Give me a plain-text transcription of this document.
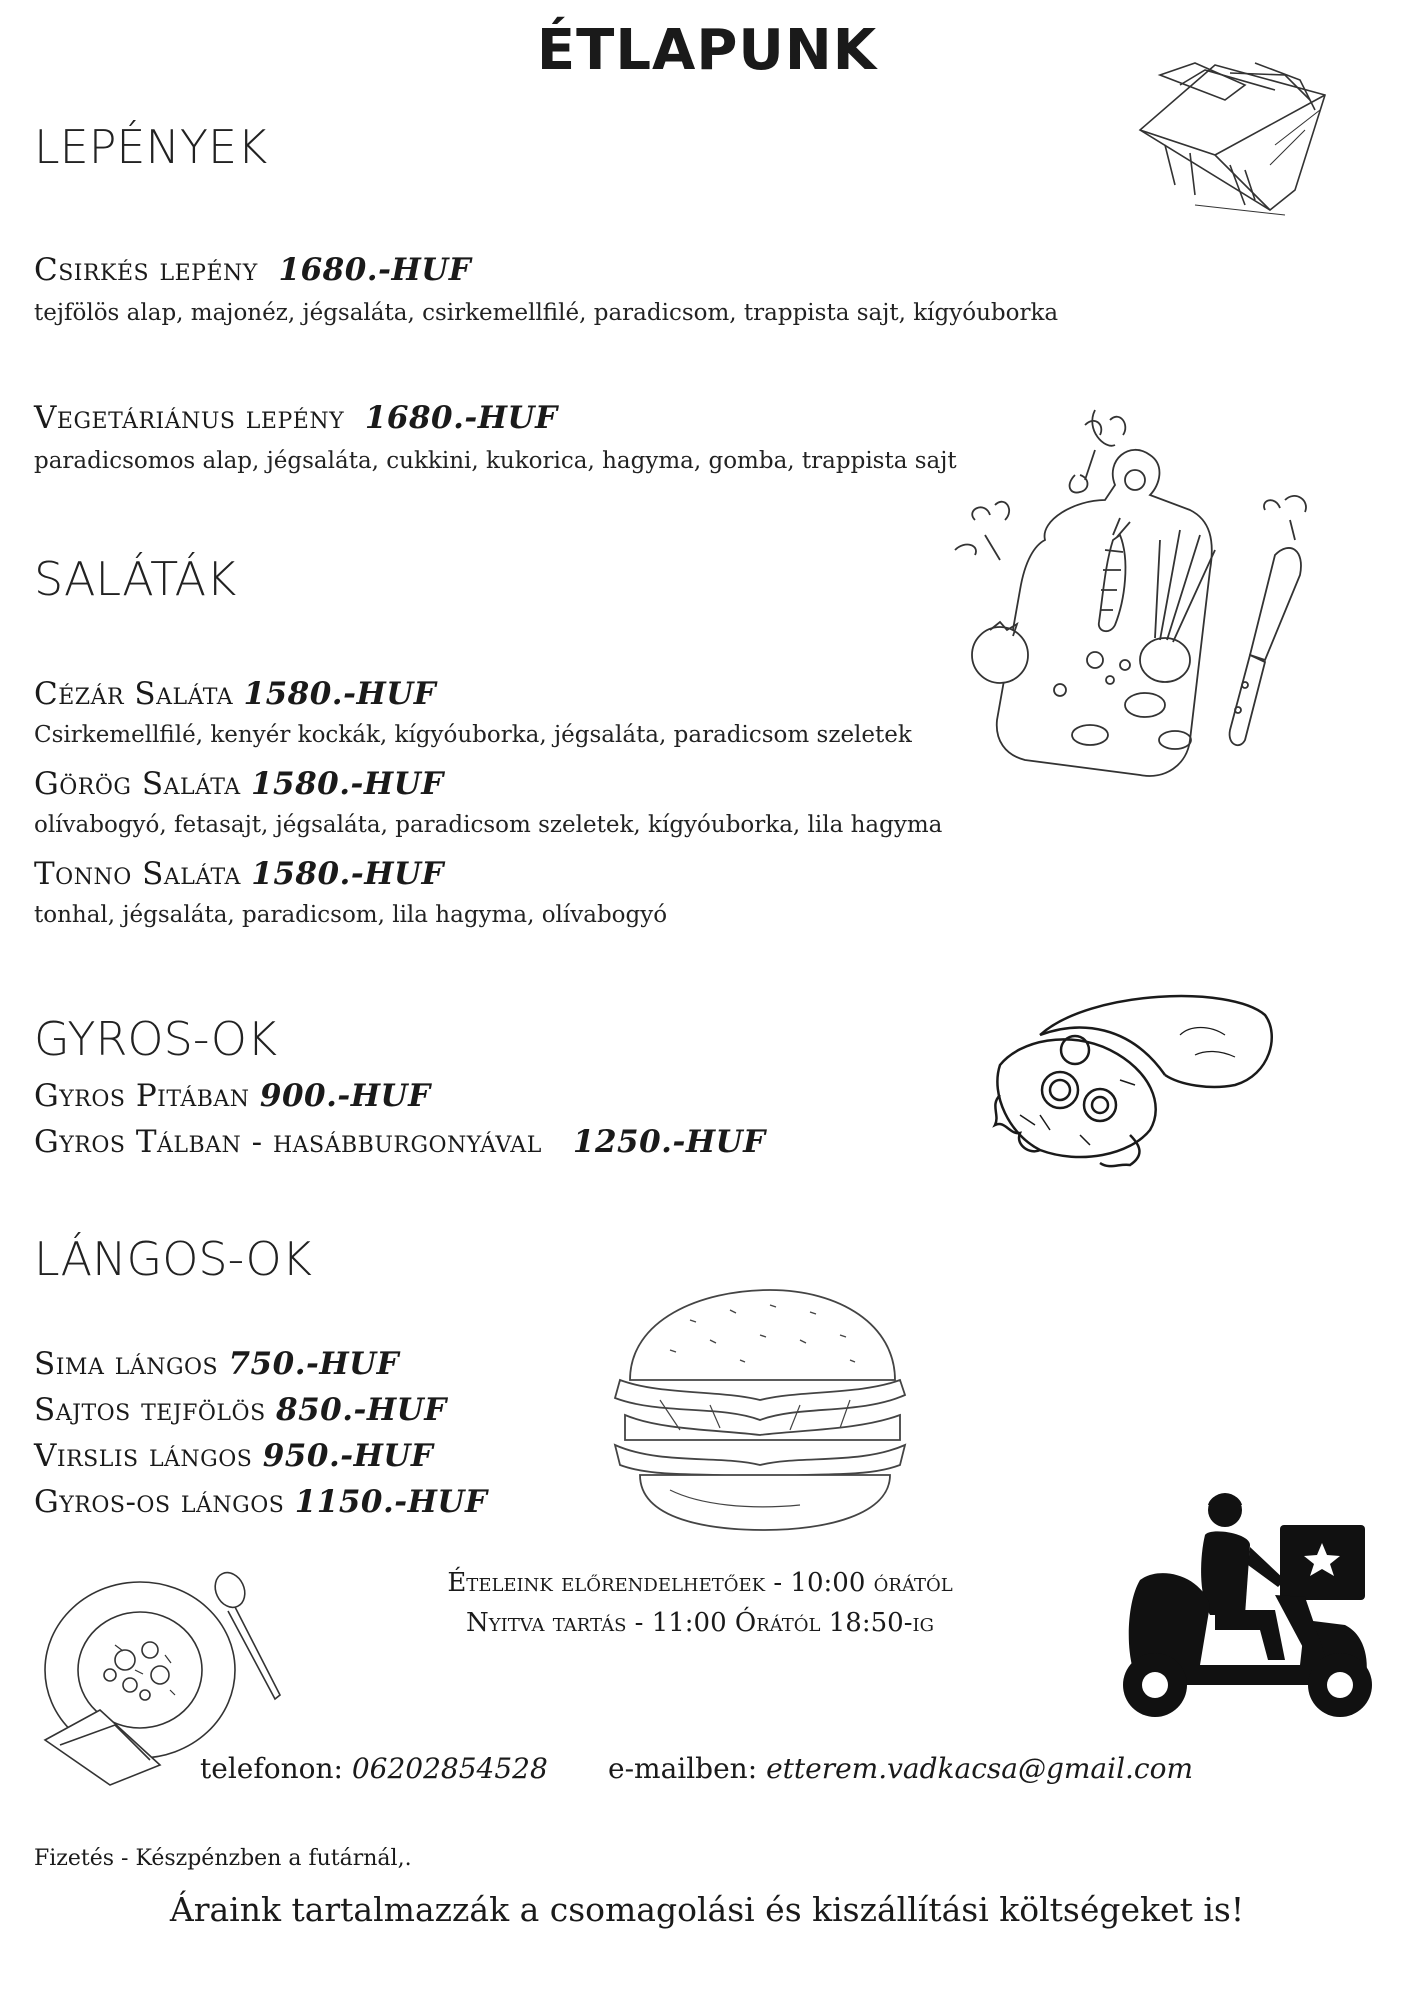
ÉTLAPUNK
LEPÉNYEK
Csirkés lepény 1680.-HUF
tejfölös alap, majonéz, jégsaláta, csirkemellfilé, paradicsom, trappista sajt, kígyóuborka
Vegetáriánus lepény 1680.-HUF
paradicsomos alap, jégsaláta, cukkini, kukorica, hagyma, gomba, trappista sajt
SALÁTÁK
Cézár Saláta 1580.-HUF
Csirkemellfilé, kenyér kockák, kígyóuborka, jégsaláta, paradicsom szeletek
Görög Saláta 1580.-HUF
olívabogyó, fetasajt, jégsaláta, paradicsom szeletek, kígyóuborka, lila hagyma
Tonno Saláta 1580.-HUF
tonhal, jégsaláta, paradicsom, lila hagyma, olívabogyó
GYROS-OK
Gyros Pitában 900.-HUF
Gyros Tálban - hasábburgonyával 1250.-HUF
LÁNGOS-OK
Sima lángos 750.-HUF
Sajtos tejfölös 850.-HUF
Virslis lángos 950.-HUF
Gyros-os lángos 1150.-HUF
Ételeink előrendelhetőek - 10:00 órától
Nyitva tartás - 11:00 Órától 18:50-ig
telefonon: 06202854528 e-mailben: etterem.vadkacsa@gmail.com
Fizetés - Készpénzben a futárnál,.
Áraink tartalmazzák a csomagolási és kiszállítási költségeket is!
